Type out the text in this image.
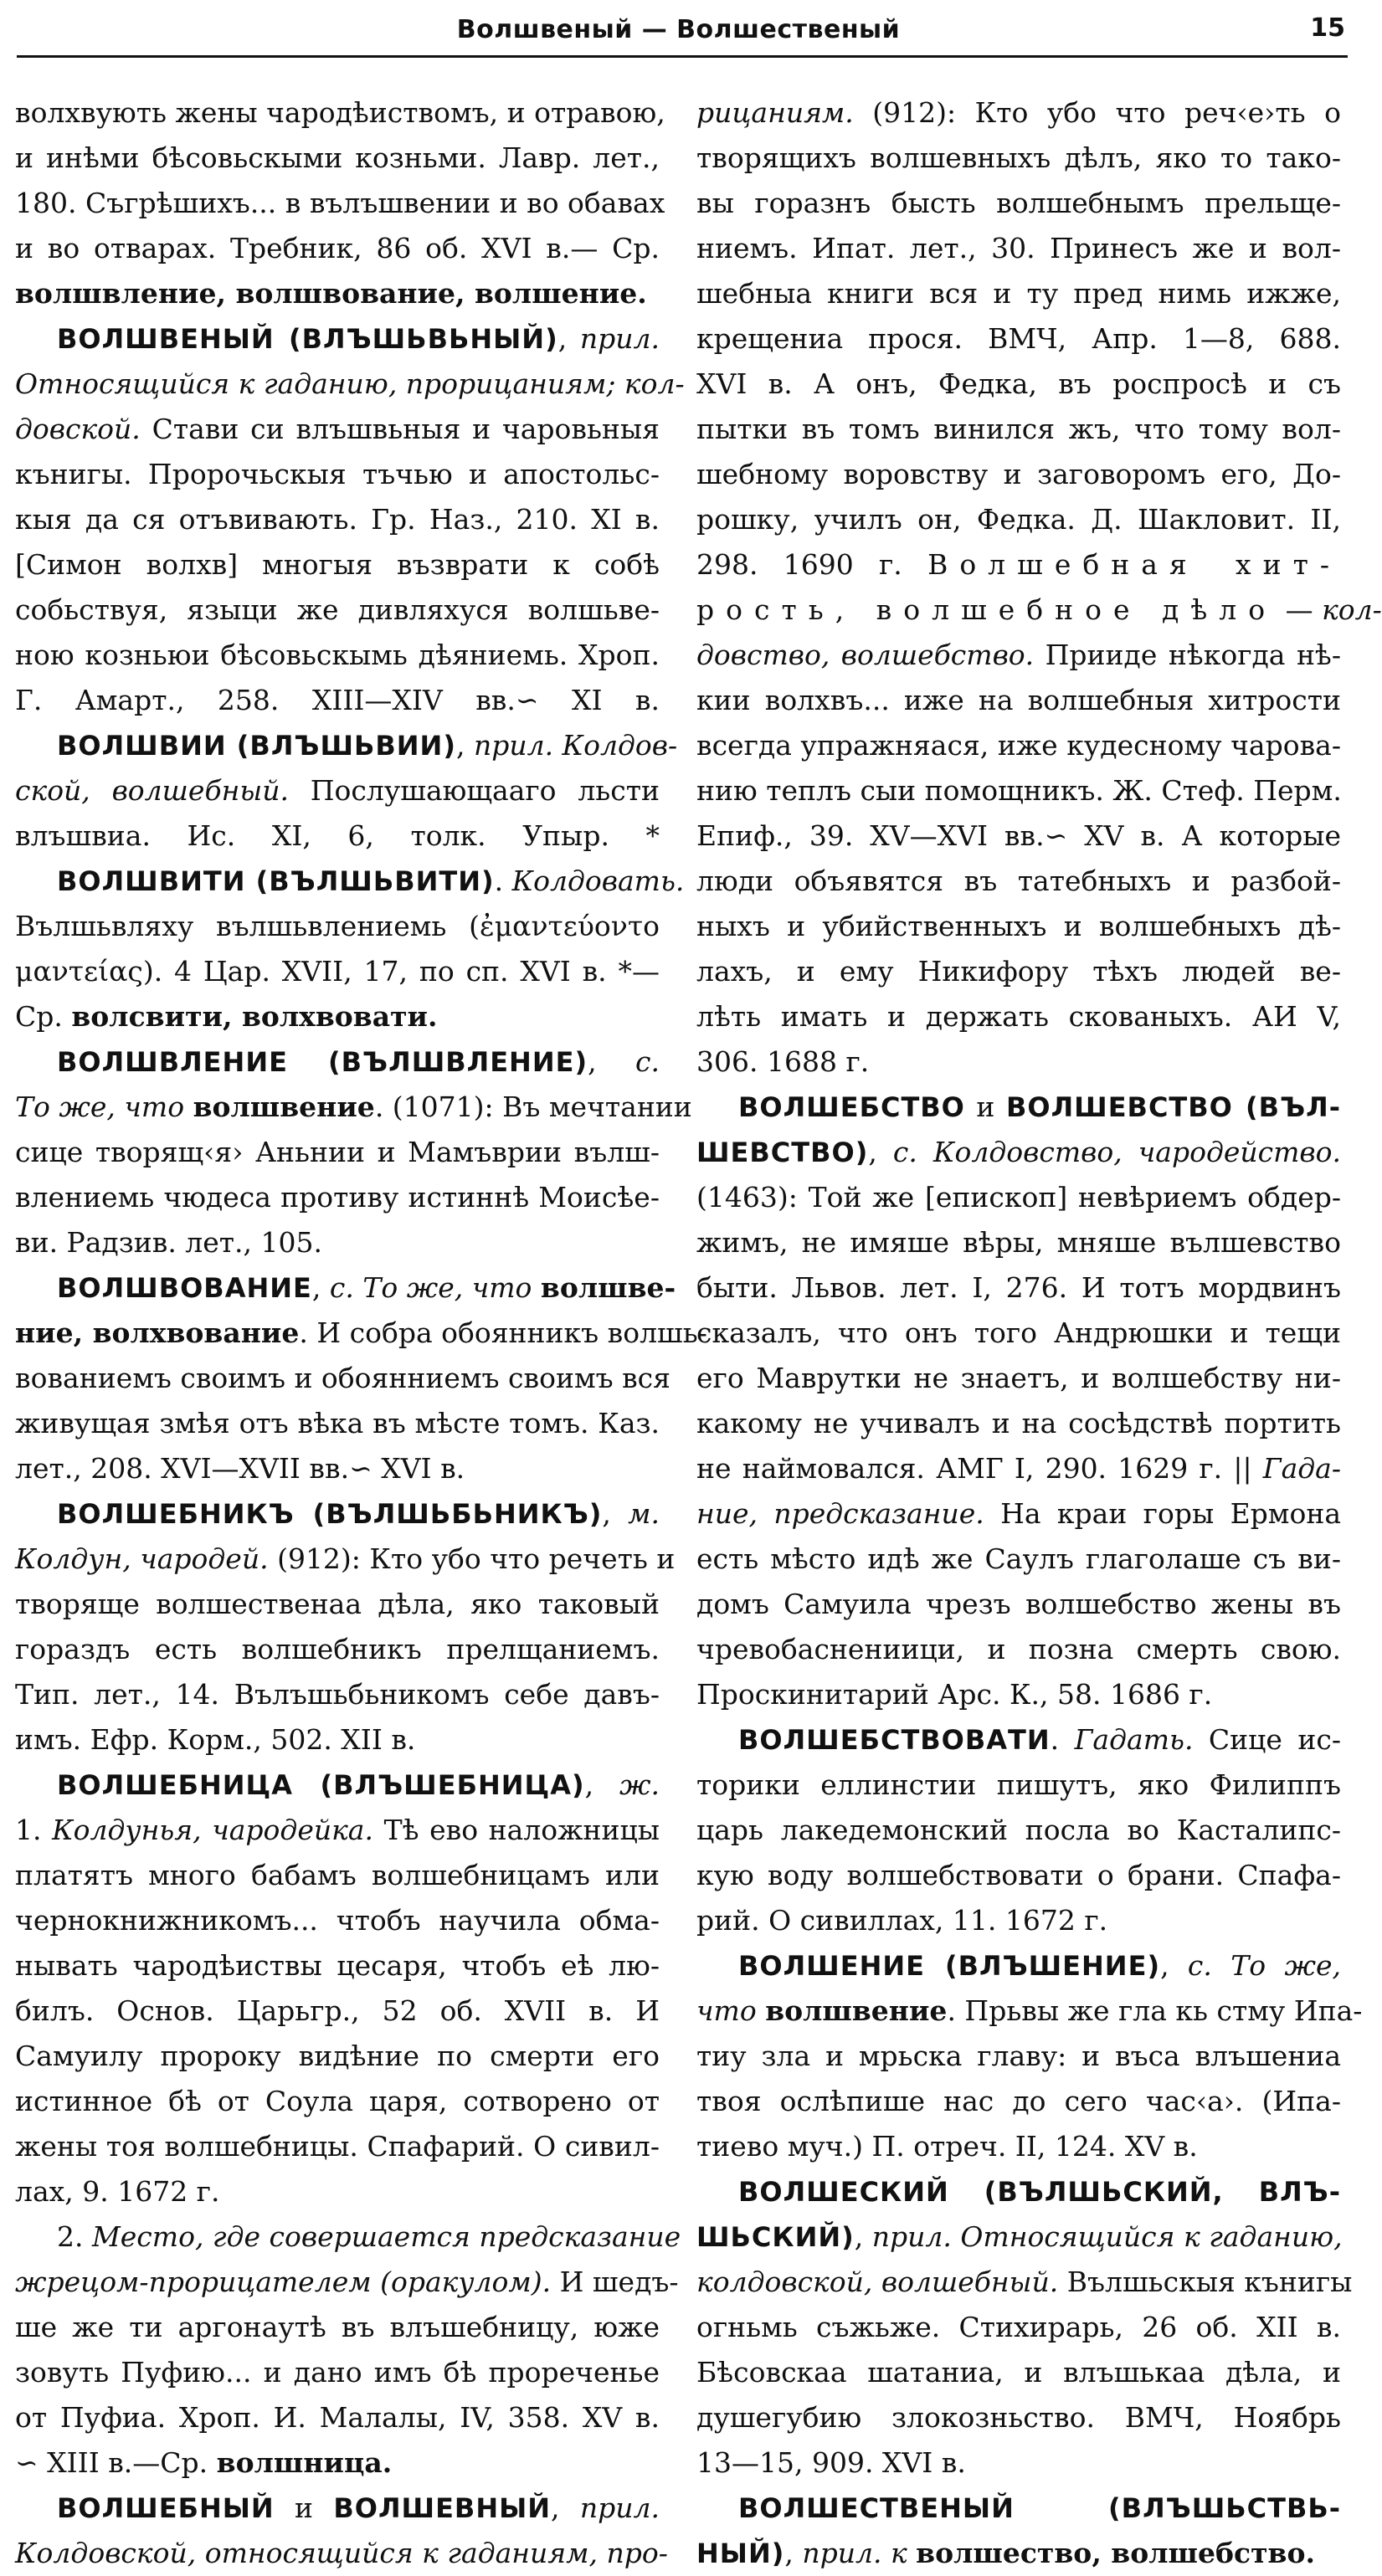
Волшвеный — Волшественый	15
волхвують жены чародѣиствомъ, и отравою,
и инѣми бѣсовьскыми козньми. Лавр. лет.,
180. Съгрѣшихъ... в вълъшвении и во обавах
и во отварах. Требник, 86 об. XVI в.— Ср.
волшвление, волшвование, волшение.
ВОЛШВЕНЫЙ (ВЛЪШЬВЬНЫЙ), прил.
Относящийся к гаданию, прорицаниям; кол-
довской. Стави си влъшвьныя и чаровьныя
кънигы. Пророчьскыя тъчью и апостольс-
кыя да ся отъвивають. Гр. Наз., 210. XI в.
[Симон волхв] многыя възврати к собѣ
собьствуя, языци же дивляхуся волшьве-
ною козньюи бѣсовьскымь дѣяниемь. Хроп.
Г. Амарт., 258. XIII—XIV вв.∽ XI в.
ВОЛШВИИ (ВЛЪШЬВИИ), прил. Колдов-
ской, волшебный. Послушающааго льсти
влъшвиа. Ис. XI, 6, толк. Упыр. *
ВОЛШВИТИ (ВЪЛШЬВИТИ). Колдовать.
Вълшьвляху вълшьвлениемь (ἐμαντεύοντο
μαντείας). 4 Цар. XVII, 17, по сп. XVI в. *—
Ср. волсвити, волхвовати.
ВОЛШВЛЕНИЕ (ВЪЛШВЛЕНИЕ), с.
То же, что волшвение. (1071): Въ мечтании
сице творящ‹я› Аньнии и Мамъврии вълш-
влениемь чюдеса противу истиннѣ Моисѣе-
ви. Радзив. лет., 105.
ВОЛШВОВАНИЕ, с. То же, что волшве-
ние, волхвование. И собра обоянникъ волшь-
вованиемъ своимъ и обоянниемъ своимъ вся
живущая змѣя отъ вѣка въ мѣсте томъ. Каз.
лет., 208. XVI—XVII вв.∽ XVI в.
ВОЛШЕБНИКЪ (ВЪЛШЬБЬНИКЪ), м.
Колдун, чародей. (912): Кто убо что речеть и
творяще волшественаа дѣла, яко таковый
гораздъ есть волшебникъ прелщаниемъ.
Тип. лет., 14. Вълъшьбьникомъ себе давъ-
имъ. Ефр. Корм., 502. XII в.
ВОЛШЕБНИЦА (ВЛЪШЕБНИЦА), ж.
1. Колдунья, чародейка. Тѣ ево наложницы
платятъ много бабамъ волшебницамъ или
чернокнижникомъ... чтобъ научила обма-
нывать чародѣиствы цесаря, чтобъ еѣ лю-
билъ. Основ. Царьгр., 52 об. XVII в. И
Самуилу пророку видѣние по смерти его
истинное бѣ от Соула царя, сотворено от
жены тоя волшебницы. Спафарий. О сивил-
лах, 9. 1672 г.
2. Место, где совершается предсказание
жрецом-прорицателем (оракулом). И шедъ-
ше же ти аргонаутѣ въ влъшебницу, юже
зовуть Пуфию... и дано имъ бѣ прореченье
от Пуфиа. Хроп. И. Малалы, IV, 358. XV в.
∽ XIII в.—Ср. волшница.
ВОЛШЕБНЫЙ и ВОЛШЕВНЫЙ, прил.
Колдовской, относящийся к гаданиям, про-
рицаниям. (912): Кто убо что реч‹е›ть о
творящихъ волшевныхъ дѣлъ, яко то тако-
вы горазнъ бысть волшебнымъ прельще-
ниемъ. Ипат. лет., 30. Принесъ же и вол-
шебныа книги вся и ту пред нимь ижже,
крещениа прося. ВМЧ, Апр. 1—8, 688.
XVI в. А онъ, Федка, въ роспросѣ и съ
пытки въ томъ винился жъ, что тому вол-
шебному воровству и заговоромъ его, До-
рошку, училъ он, Федка. Д. Шакловит. II,
298. 1690 г. Волшебная хит-
рость, волшебное дѣло — кол-
довство, волшебство. Прииде нѣкогда нѣ-
кии волхвъ... иже на волшебныя хитрости
всегда упражняася, иже кудесному чарова-
нию теплъ сыи помощникъ. Ж. Стеф. Перм.
Епиф., 39. XV—XVI вв.∽ XV в. А которые
люди объявятся въ татебныхъ и разбой-
ныхъ и убийственныхъ и волшебныхъ дѣ-
лахъ, и ему Никифору тѣхъ людей ве-
лѣть имать и держать скованыхъ. АИ V,
306. 1688 г.
ВОЛШЕБСТВО и ВОЛШЕВСТВО (ВЪЛ-
ШЕВСТВО), с. Колдовство, чародейство.
(1463): Той же [епископ] невѣриемъ обдер-
жимъ, не имяше вѣры, мняше вълшевство
быти. Львов. лет. I, 276. И тотъ мордвинъ
сказалъ, что онъ того Андрюшки и тещи
его Маврутки не знаетъ, и волшебству ни-
какому не учивалъ и на сосѣдствѣ портить
не наймовался. АМГ I, 290. 1629 г. || Гада-
ние, предсказание. На краи горы Ермона
есть мѣсто идѣ же Саулъ глаголаше съ ви-
домъ Самуила чрезъ волшебство жены въ
чревобаснениици, и позна смерть свою.
Проскинитарий Арс. К., 58. 1686 г.
ВОЛШЕБСТВОВАТИ. Гадать. Сице ис-
торики еллинстии пишутъ, яко Филиппъ
царь лакедемонский посла во Касталипс-
кую воду волшебствовати о брани. Спафа-
рий. О сивиллах, 11. 1672 г.
ВОЛШЕНИЕ (ВЛЪШЕНИЕ), с. То же,
что волшвение. Прьвы же гла кь стму Ипа-
тиу зла и мрьска главу: и въса влъшениа
твоя ослѣпише нас до сего час‹а›. (Ипа-
тиево муч.) П. отреч. II, 124. XV в.
ВОЛШЕСКИЙ (ВЪЛШЬСКИЙ, ВЛЪ-
ШЬСКИЙ), прил. Относящийся к гаданию,
колдовской, волшебный. Вълшьскыя кънигы
огньмь съжьже. Стихирарь, 26 об. XII в.
Бѣсовскаа шатаниа, и влъшькаа дѣла, и
душегубию злокозньство. ВМЧ, Ноябрь
13—15, 909. XVI в.
ВОЛШЕСТВЕНЫЙ (ВЛЪШЬСТВЬ-
НЫЙ), прил. к волшество, волшебство.
